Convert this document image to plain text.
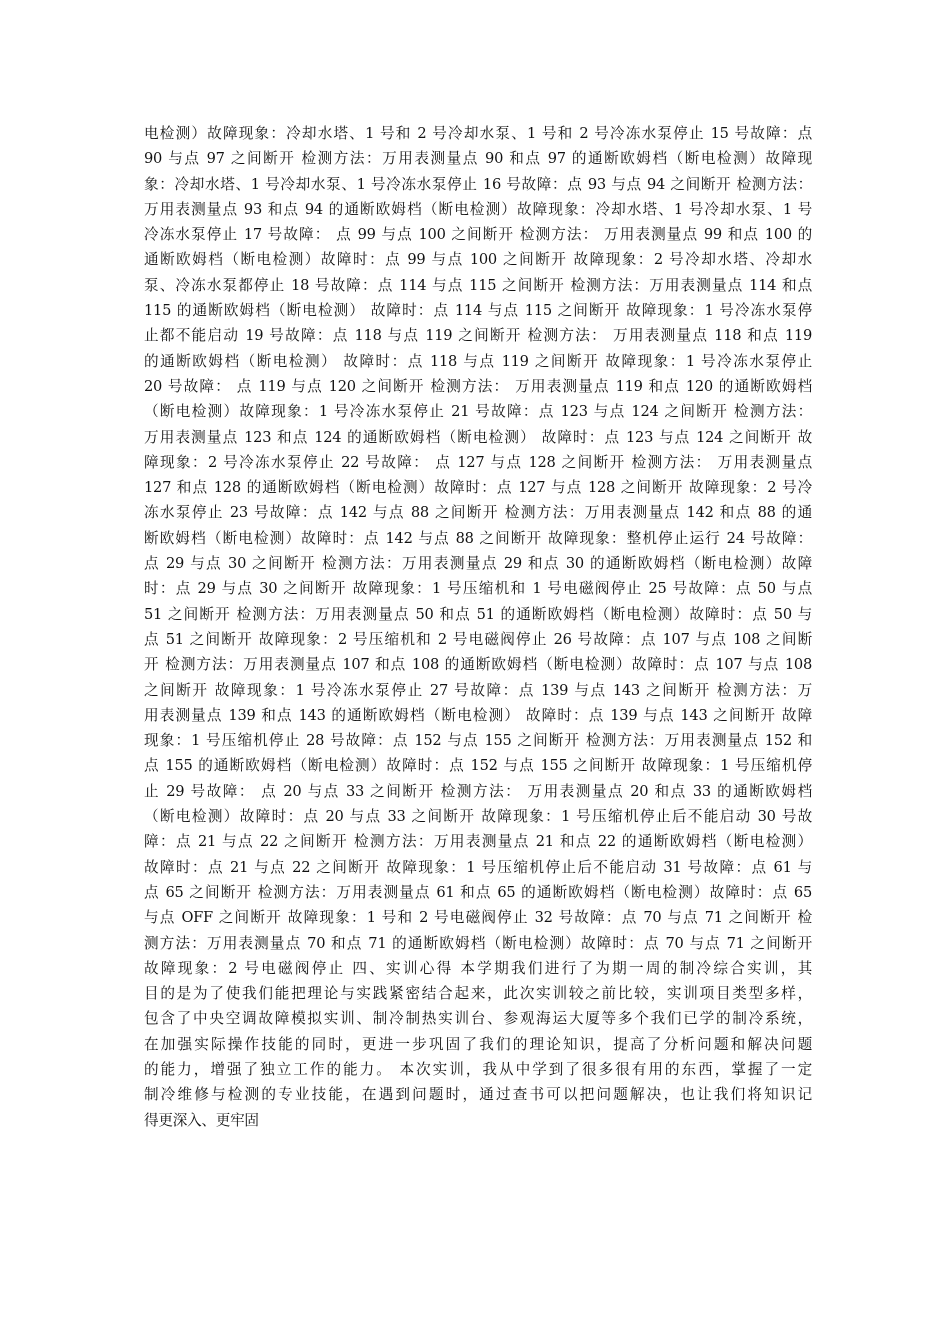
电检测）故障现象：冷却水塔、1 号和 2 号冷却水泵、1 号和 2 号冷冻水泵停止 15 号故障：点
90 与点 97 之间断开 检测方法：万用表测量点 90 和点 97 的通断欧姆档（断电检测）故障现
象：冷却水塔、1 号冷却水泵、1 号冷冻水泵停止 16 号故障：点 93 与点 94 之间断开 检测方法：
万用表测量点 93 和点 94 的通断欧姆档（断电检测）故障现象：冷却水塔、1 号冷却水泵、1 号
冷冻水泵停止 17 号故障： 点 99 与点 100 之间断开 检测方法： 万用表测量点 99 和点 100 的
通断欧姆档（断电检测）故障时：点 99 与点 100 之间断开 故障现象：2 号冷却水塔、冷却水
泵、冷冻水泵都停止 18 号故障：点 114 与点 115 之间断开 检测方法：万用表测量点 114 和点
115 的通断欧姆档（断电检测） 故障时：点 114 与点 115 之间断开 故障现象：1 号冷冻水泵停
止都不能启动 19 号故障：点 118 与点 119 之间断开 检测方法： 万用表测量点 118 和点 119
的通断欧姆档（断电检测） 故障时：点 118 与点 119 之间断开 故障现象：1 号冷冻水泵停止
20 号故障： 点 119 与点 120 之间断开 检测方法： 万用表测量点 119 和点 120 的通断欧姆档
（断电检测）故障现象：1 号冷冻水泵停止 21 号故障：点 123 与点 124 之间断开 检测方法：
万用表测量点 123 和点 124 的通断欧姆档（断电检测） 故障时：点 123 与点 124 之间断开 故
障现象：2 号冷冻水泵停止 22 号故障： 点 127 与点 128 之间断开 检测方法： 万用表测量点
127 和点 128 的通断欧姆档（断电检测）故障时：点 127 与点 128 之间断开 故障现象：2 号冷
冻水泵停止 23 号故障：点 142 与点 88 之间断开 检测方法：万用表测量点 142 和点 88 的通
断欧姆档（断电检测）故障时：点 142 与点 88 之间断开 故障现象：整机停止运行 24 号故障：
点 29 与点 30 之间断开 检测方法：万用表测量点 29 和点 30 的通断欧姆档（断电检测）故障
时：点 29 与点 30 之间断开 故障现象：1 号压缩机和 1 号电磁阀停止 25 号故障：点 50 与点
51 之间断开 检测方法：万用表测量点 50 和点 51 的通断欧姆档（断电检测）故障时：点 50 与
点 51 之间断开 故障现象：2 号压缩机和 2 号电磁阀停止 26 号故障：点 107 与点 108 之间断
开 检测方法：万用表测量点 107 和点 108 的通断欧姆档（断电检测）故障时：点 107 与点 108
之间断开 故障现象：1 号冷冻水泵停止 27 号故障：点 139 与点 143 之间断开 检测方法：万
用表测量点 139 和点 143 的通断欧姆档（断电检测） 故障时：点 139 与点 143 之间断开 故障
现象：1 号压缩机停止 28 号故障：点 152 与点 155 之间断开 检测方法：万用表测量点 152 和
点 155 的通断欧姆档（断电检测）故障时：点 152 与点 155 之间断开 故障现象：1 号压缩机停
止 29 号故障： 点 20 与点 33 之间断开 检测方法： 万用表测量点 20 和点 33 的通断欧姆档
（断电检测）故障时：点 20 与点 33 之间断开 故障现象：1 号压缩机停止后不能启动 30 号故
障：点 21 与点 22 之间断开 检测方法：万用表测量点 21 和点 22 的通断欧姆档（断电检测）
故障时：点 21 与点 22 之间断开 故障现象：1 号压缩机停止后不能启动 31 号故障：点 61 与
点 65 之间断开 检测方法：万用表测量点 61 和点 65 的通断欧姆档（断电检测）故障时：点 65
与点 OFF 之间断开 故障现象：1 号和 2 号电磁阀停止 32 号故障：点 70 与点 71 之间断开 检
测方法：万用表测量点 70 和点 71 的通断欧姆档（断电检测）故障时：点 70 与点 71 之间断开
故障现象：2 号电磁阀停止 四、实训心得 本学期我们进行了为期一周的制冷综合实训，其
目的是为了使我们能把理论与实践紧密结合起来，此次实训较之前比较，实训项目类型多样，
包含了中央空调故障模拟实训、制冷制热实训台、参观海运大厦等多个我们已学的制冷系统，
在加强实际操作技能的同时，更进一步巩固了我们的理论知识，提高了分析问题和解决问题
的能力，增强了独立工作的能力。 本次实训，我从中学到了很多很有用的东西，掌握了一定
制冷维修与检测的专业技能，在遇到问题时，通过查书可以把问题解决，也让我们将知识记
得更深入、更牢固
